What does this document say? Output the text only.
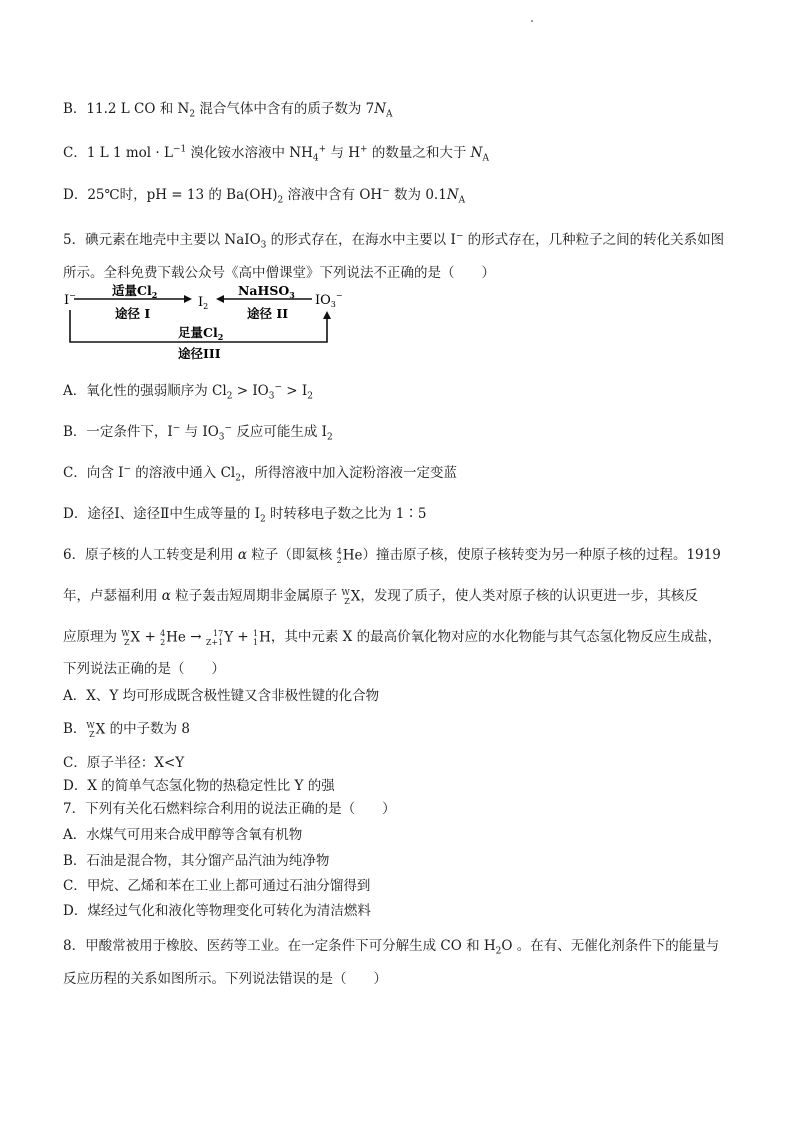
B．11.2 L CO 和 $N_2$ 混合气体中含有的质子数为 $7N_A$
C．1 L 1 mol · $L^{-1}$ 溴化铵水溶液中 $NH_4^+$ 与 H+ 的数量之和大于 $N_A$
D．25℃时，pH = 13 的 $Ba(OH)_2$ 溶液中含有 OH− 数为 $0.1N_A$
5．碘元素在地壳中主要以 NaIO$_3$ 的形式存在，在海水中主要以 I− 的形式存在，几种粒子之间的转化关系如图
所示。全科免费下载公众号《高中僧课堂》下列说法不正确的是（　　）
I−	$I_2$	$IO_3^-$
适量$Cl_2$
途径 I
NaHSO$_3$
途径 II
足量$Cl_2$
途径III
A．氧化性的强弱顺序为 $Cl_2 > IO_3^- > I_2$
B．一定条件下，I− 与 $IO_3^-$ 反应可能生成 $I_2$
C．向含 I− 的溶液中通入 $Cl_2$，所得溶液中加入淀粉溶液一定变蓝
D．途径Ⅰ、途径Ⅱ中生成等量的 $I_2$ 时转移电子数之比为 1∶5
6．原子核的人工转变是利用 α 粒子（即氦核 4
2 He）撞击原子核，使原子核转变为另一种原子核的过程。1919
年，卢瑟福利用 α 粒子轰击短周期非金属原子 W
Z X，发现了质子，使人类对原子核的认识更进一步，其核反
应原理为 W
Z X + 4
2 He → 17
Z+1 Y + 1
1 H，其中元素 X 的最高价氧化物对应的水化物能与其气态氢化物反应生成盐，
下列说法正确的是（　　）
A．X、Y 均可形成既含极性键又含非极性键的化合物
B． W
Z X 的中子数为 8
C．原子半径：X<Y
D．X 的简单气态氢化物的热稳定性比 Y 的强
7．下列有关化石燃料综合利用的说法正确的是（　　）
A．水煤气可用来合成甲醇等含氧有机物
B．石油是混合物，其分馏产品汽油为纯净物
C．甲烷、乙烯和苯在工业上都可通过石油分馏得到
D．煤经过气化和液化等物理变化可转化为清洁燃料
8．甲酸常被用于橡胶、医药等工业。在一定条件下可分解生成 CO 和 $H_2O$ 。在有、无催化剂条件下的能量与
反应历程的关系如图所示。下列说法错误的是（　　）
